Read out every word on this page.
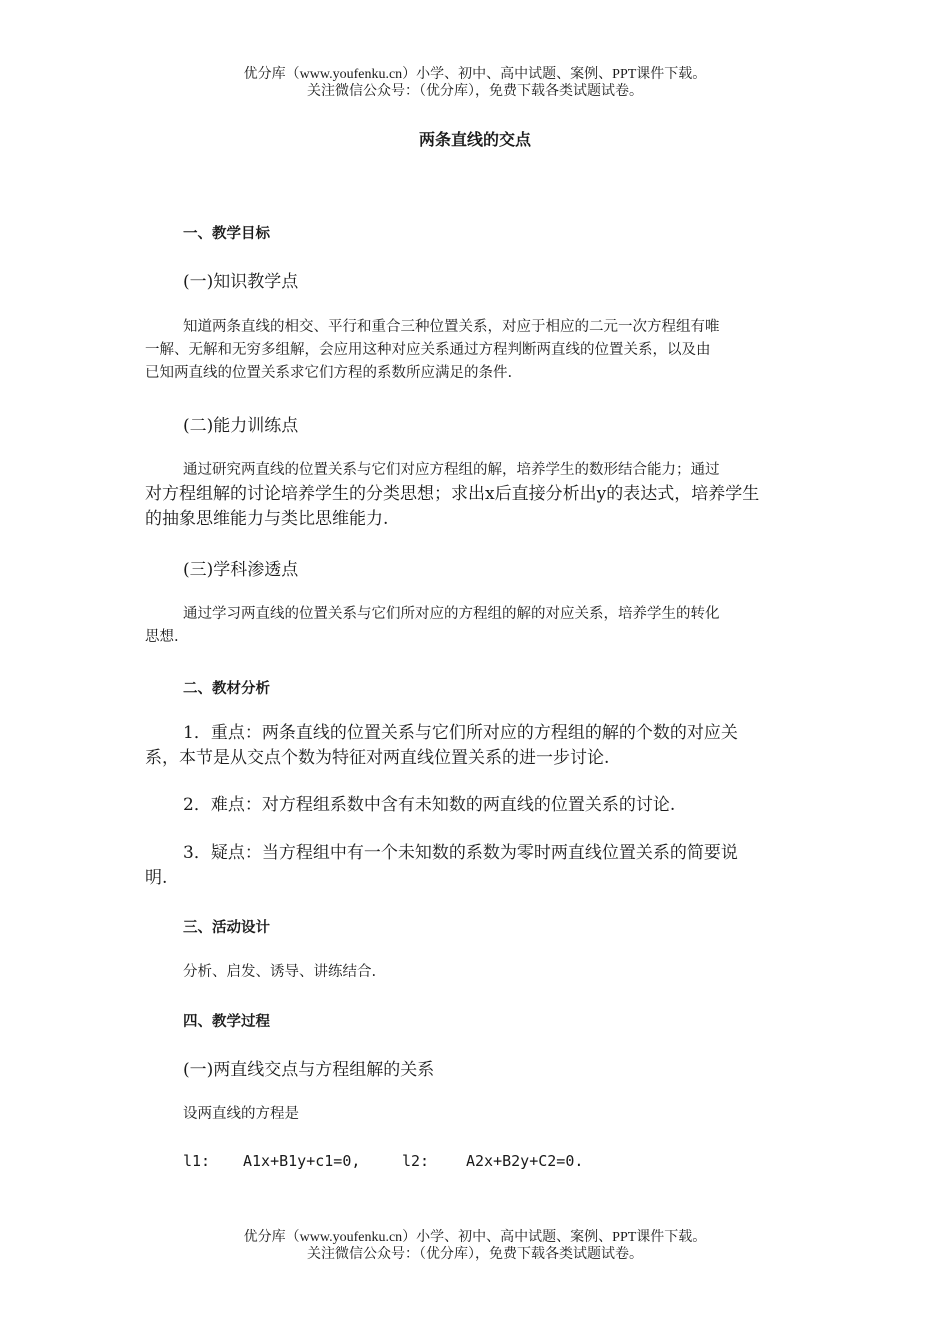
优分库（www.youfenku.cn）小学、初中、高中试题、案例、PPT课件下载。
关注微信公众号：（优分库），免费下载各类试题试卷。
两条直线的交点
一、教学目标
(一)知识教学点
知道两条直线的相交、平行和重合三种位置关系，对应于相应的二元一次方程组有唯
一解、无解和无穷多组解，会应用这种对应关系通过方程判断两直线的位置关系，以及由
已知两直线的位置关系求它们方程的系数所应满足的条件.
(二)能力训练点
通过研究两直线的位置关系与它们对应方程组的解，培养学生的数形结合能力；通过
对方程组解的讨论培养学生的分类思想；求出x后直接分析出y的表达式，培养学生
的抽象思维能力与类比思维能力.
(三)学科渗透点
通过学习两直线的位置关系与它们所对应的方程组的解的对应关系，培养学生的转化
思想.
二、教材分析
1．重点：两条直线的位置关系与它们所对应的方程组的解的个数的对应关
系，本节是从交点个数为特征对两直线位置关系的进一步讨论.
2．难点：对方程组系数中含有未知数的两直线的位置关系的讨论.
3．疑点：当方程组中有一个未知数的系数为零时两直线位置关系的简要说
明.
三、活动设计
分析、启发、诱导、讲练结合.
四、教学过程
(一)两直线交点与方程组解的关系
设两直线的方程是
l1: A1x+B1y+c1=0,	l2: A2x+B2y+C2=0.
优分库（www.youfenku.cn）小学、初中、高中试题、案例、PPT课件下载。
关注微信公众号：（优分库），免费下载各类试题试卷。
